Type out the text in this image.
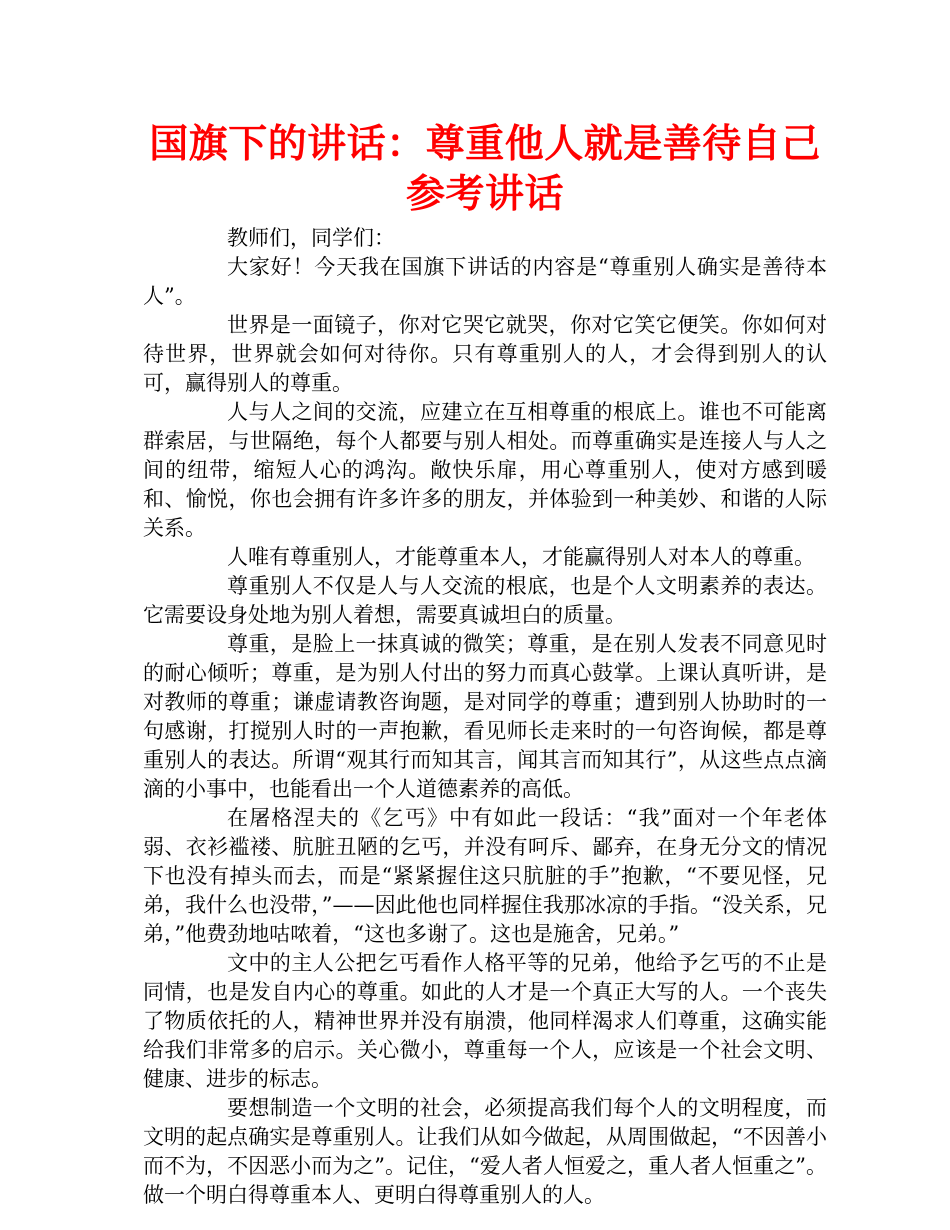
国旗下的讲话：尊重他人就是善待自己参考讲话

教师们，同学们：

大家好！今天我在国旗下讲话的内容是“尊重别人确实是善待本人”。

世界是一面镜子，你对它哭它就哭，你对它笑它便笑。你如何对待世界，世界就会如何对待你。只有尊重别人的人，才会得到别人的认可，赢得别人的尊重。

人与人之间的交流，应建立在互相尊重的根底上。谁也不可能离群索居，与世隔绝，每个人都要与别人相处。而尊重确实是连接人与人之间的纽带，缩短人心的鸿沟。敞快乐扉，用心尊重别人，使对方感到暖和、愉悦，你也会拥有许多许多的朋友，并体验到一种美妙、和谐的人际关系。

人唯有尊重别人，才能尊重本人，才能赢得别人对本人的尊重。

尊重别人不仅是人与人交流的根底，也是个人文明素养的表达。它需要设身处地为别人着想，需要真诚坦白的质量。

尊重，是脸上一抹真诚的微笑；尊重，是在别人发表不同意见时的耐心倾听；尊重，是为别人付出的努力而真心鼓掌。上课认真听讲，是对教师的尊重；谦虚请教咨询题，是对同学的尊重；遭到别人协助时的一句感谢，打搅别人时的一声抱歉，看见师长走来时的一句咨询候，都是尊重别人的表达。所谓“观其行而知其言，闻其言而知其行”，从这些点点滴滴的小事中，也能看出一个人道德素养的高低。

在屠格涅夫的《乞丐》中有如此一段话：“我”面对一个年老体弱、衣衫褴褛、肮脏丑陋的乞丐，并没有呵斥、鄙弃，在身无分文的情况下也没有掉头而去，而是“紧紧握住这只肮脏的手”抱歉，“不要见怪，兄弟，我什么也没带，”——因此他也同样握住我那冰凉的手指。“没关系，兄弟，”他费劲地咕哝着，“这也多谢了。这也是施舍，兄弟。”

文中的主人公把乞丐看作人格平等的兄弟，他给予乞丐的不止是同情，也是发自内心的尊重。如此的人才是一个真正大写的人。一个丧失了物质依托的人，精神世界并没有崩溃，他同样渴求人们尊重，这确实能给我们非常多的启示。关心微小，尊重每一个人，应该是一个社会文明、健康、进步的标志。

要想制造一个文明的社会，必须提高我们每个人的文明程度，而文明的起点确实是尊重别人。让我们从如今做起，从周围做起，“不因善小而不为，不因恶小而为之”。记住，“爱人者人恒爱之，重人者人恒重之”。做一个明白得尊重本人、更明白得尊重别人的人。
